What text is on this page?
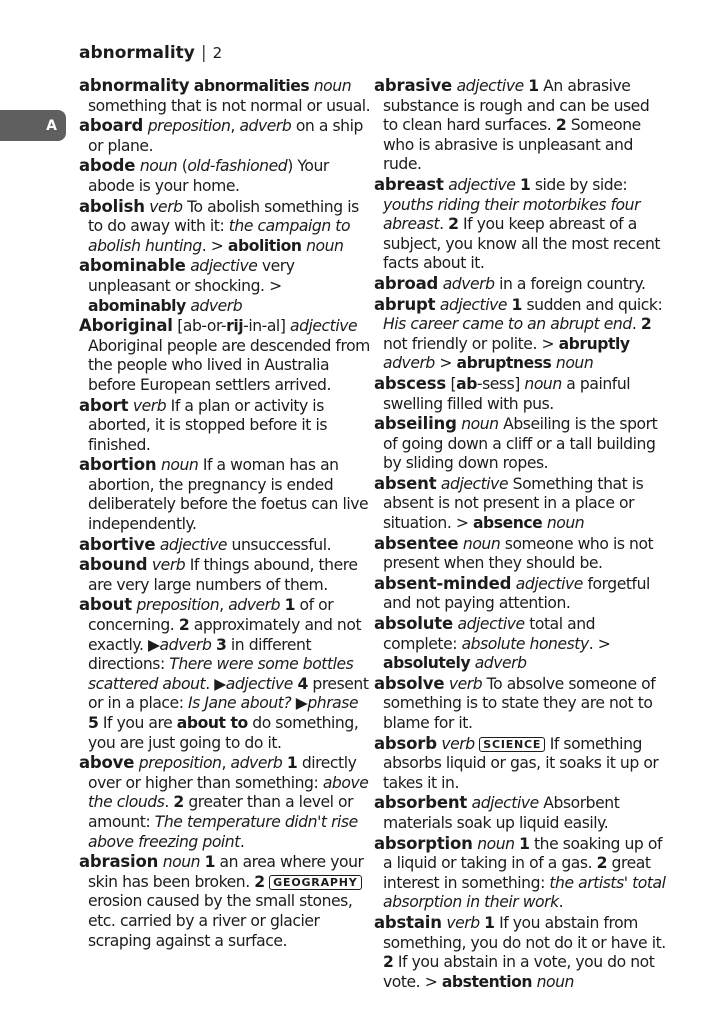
abnormality | 2
A

abnormality abnormalities noun something that is not normal or usual.

aboard preposition, adverb on a ship or plane.

abode noun (old-fashioned) Your abode is your home.

abolish verb To abolish something is to do away with it: the campaign to abolish hunting. > abolition noun

abominable adjective very unpleasant or shocking. > abominably adverb

Aboriginal [ab-or-rij-in-al] adjective Aboriginal people are descended from the people who lived in Australia before European settlers arrived.

abort verb If a plan or activity is aborted, it is stopped before it is finished.

abortion noun If a woman has an abortion, the pregnancy is ended deliberately before the foetus can live independently.

abortive adjective unsuccessful.

abound verb If things abound, there are very large numbers of them.

about preposition, adverb 1 of or concerning. 2 approximately and not exactly. ▶adverb 3 in different directions: There were some bottles scattered about. ▶adjective 4 present or in a place: Is Jane about? ▶phrase 5 If you are about to do something, you are just going to do it.

above preposition, adverb 1 directly over or higher than something: above the clouds. 2 greater than a level or amount: The temperature didn't rise above freezing point.

abrasion noun 1 an area where your skin has been broken. 2 GEOGRAPHY erosion caused by the small stones, etc. carried by a river or glacier scraping against a surface.

abrasive adjective 1 An abrasive substance is rough and can be used to clean hard surfaces. 2 Someone who is abrasive is unpleasant and rude.

abreast adjective 1 side by side: youths riding their motorbikes four abreast. 2 If you keep abreast of a subject, you know all the most recent facts about it.

abroad adverb in a foreign country.

abrupt adjective 1 sudden and quick: His career came to an abrupt end. 2 not friendly or polite. > abruptly adverb > abruptness noun

abscess [ab-sess] noun a painful swelling filled with pus.

abseiling noun Abseiling is the sport of going down a cliff or a tall building by sliding down ropes.

absent adjective Something that is absent is not present in a place or situation. > absence noun

absentee noun someone who is not present when they should be.

absent-minded adjective forgetful and not paying attention.

absolute adjective total and complete: absolute honesty. > absolutely adverb

absolve verb To absolve someone of something is to state they are not to blame for it.

absorb verb SCIENCE If something absorbs liquid or gas, it soaks it up or takes it in.

absorbent adjective Absorbent materials soak up liquid easily.

absorption noun 1 the soaking up of a liquid or taking in of a gas. 2 great interest in something: the artists' total absorption in their work.

abstain verb 1 If you abstain from something, you do not do it or have it. 2 If you abstain in a vote, you do not vote. > abstention noun
